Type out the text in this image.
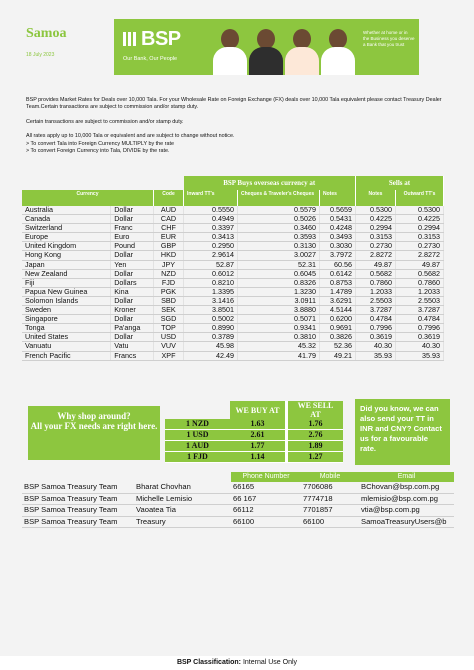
Samoa
18 July 2023
BSP
Our Bank, Our People
Whether at home or in the Business you deserve a Bank that you trust

BSP provides Market Rates for Deals over 10,000 Tala. For your Wholesale Rate on Foreign Exchange (FX) deals over 10,000 Tala equivalent please contact Treasury Dealer Team.Certain transactions are subject to commission and/or stamp duty.

Certain transactions are subject to commission and/or stamp duty.

All rates apply up to 10,000 Tala or equivalent and are subject to change without notice.
> To convert Tala into Foreign Currency MULTIPLY by the rate
> To convert Foreign Currency into Tala, DIVIDE by the rate.

			BSP Buys overseas currency at			Sells at	
Currency		Code	Inward TT's	Cheques & Traveler's Cheques	Notes	Notes	Outward TT's
Australia	Dollar	AUD	0.5550	0.5579	0.5659	0.5300	0.5300
Canada	Dollar	CAD	0.4949	0.5026	0.5431	0.4225	0.4225
Switzerland	Franc	CHF	0.3397	0.3460	0.4248	0.2994	0.2994
Europe	Euro	EUR	0.3413	0.3593	0.3493	0.3153	0.3153
United Kingdom	Pound	GBP	0.2950	0.3130	0.3030	0.2730	0.2730
Hong Kong	Dollar	HKD	2.9614	3.0027	3.7972	2.8272	2.8272
Japan	Yen	JPY	52.87	52.31	60.56	49.87	49.87
New Zealand	Dollar	NZD	0.6012	0.6045	0.6142	0.5682	0.5682
Fiji	Dollars	FJD	0.8210	0.8326	0.8753	0.7860	0.7860
Papua New Guinea	Kina	PGK	1.3395	1.3230	1.4789	1.2033	1.2033
Solomon Islands	Dollar	SBD	3.1416	3.0911	3.6291	2.5503	2.5503
Sweden	Kroner	SEK	3.8501	3.8880	4.5144	3.7287	3.7287
Singapore	Dollar	SGD	0.5002	0.5071	0.6200	0.4784	0.4784
Tonga	Pa'anga	TOP	0.8990	0.9341	0.9691	0.7996	0.7996
United States	Dollar	USD	0.3789	0.3810	0.3826	0.3619	0.3619
Vanuatu	Vatu	VUV	45.98	45.32	52.36	40.30	40.30
French Pacific	Francs	XPF	42.49	41.79	49.21	35.93	35.93
Why shop around?
All your FX needs are right here.
	WE BUY AT		WE SELL AT
1 NZD	1.63		1.76
1 USD	2.61		2.76
1 AUD	1.77		1.89
1 FJD	1.14		1.27
Did you know, we can also send your TT in INR and CNY? Contact us for a favourable rate.
		Phone Number	Mobile	Email
BSP Samoa Treasury Team	Bharat Chovhan	66165	7706086	BChovan@bsp.com.pg
BSP Samoa Treasury Team	Michelle Lemisio	66 167	7774718	mlemisio@bsp.com.pg
BSP Samoa Treasury Team	Vaoatea Tia	66112	7701857	vtia@bsp.com.pg
BSP Samoa Treasury Team	Treasury	66100	66100	SamoaTreasuryUsers@b
BSP Classification: Internal Use Only
